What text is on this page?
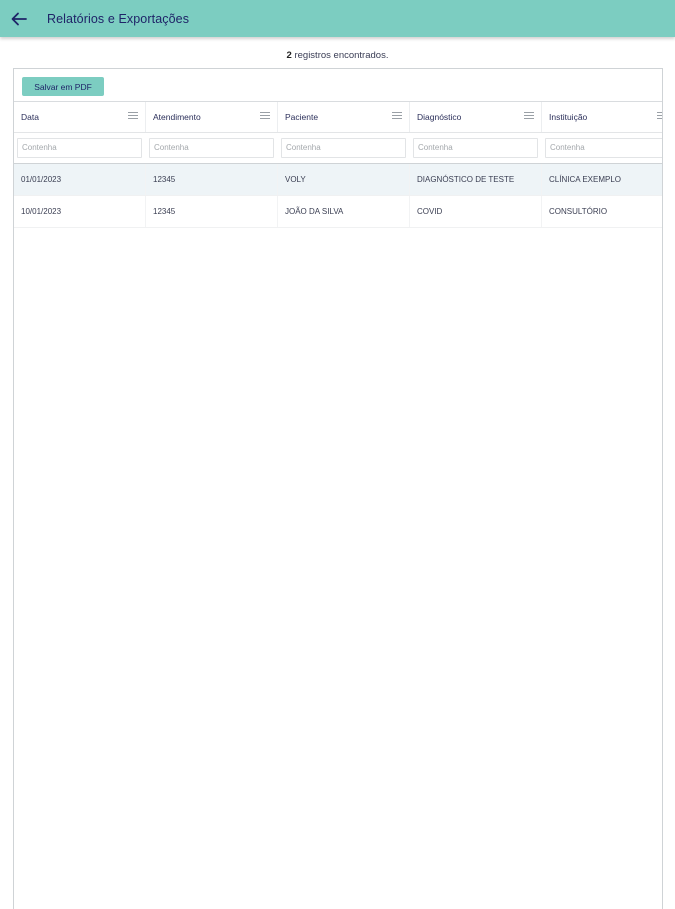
Relatórios e Exportações
2 registros encontrados.
Salvar em PDF
Data	Atendimento	Paciente	Diagnóstico	Instituição
Contenha
Contenha
Contenha
Contenha
Contenha
01/01/2023	12345	VOLY	DIAGNÓSTICO DE TESTE	CLÍNICA EXEMPLO
10/01/2023	12345	JOÃO DA SILVA	COVID	CONSULTÓRIO
